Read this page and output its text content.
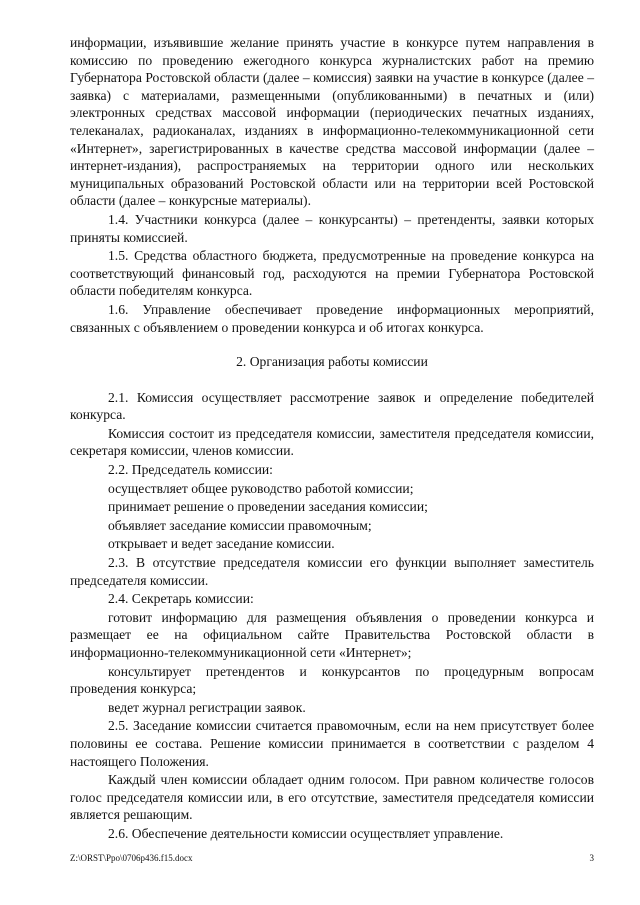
информации, изъявившие желание принять участие в конкурсе путем направления в комиссию по проведению ежегодного конкурса журналистских работ на премию Губернатора Ростовской области (далее – комиссия) заявки на участие в конкурсе (далее – заявка) с материалами, размещенными (опубликованными) в печатных и (или) электронных средствах массовой информации (периодических печатных изданиях, телеканалах, радиоканалах, изданиях в информационно-телекоммуникационной сети «Интернет», зарегистрированных в качестве средства массовой информации (далее – интернет-издания), распространяемых на территории одного или нескольких муниципальных образований Ростовской области или на территории всей Ростовской области (далее – конкурсные материалы).

1.4. Участники конкурса (далее – конкурсанты) – претенденты, заявки которых приняты комиссией.

1.5. Средства областного бюджета, предусмотренные на проведение конкурса на соответствующий финансовый год, расходуются на премии Губернатора Ростовской области победителям конкурса.

1.6. Управление обеспечивает проведение информационных мероприятий, связанных с объявлением о проведении конкурса и об итогах конкурса.

2. Организация работы комиссии

2.1. Комиссия осуществляет рассмотрение заявок и определение победителей конкурса.

Комиссия состоит из председателя комиссии, заместителя председателя комиссии, секретаря комиссии, членов комиссии.

2.2. Председатель комиссии:

осуществляет общее руководство работой комиссии;

принимает решение о проведении заседания комиссии;

объявляет заседание комиссии правомочным;

открывает и ведет заседание комиссии.

2.3. В отсутствие председателя комиссии его функции выполняет заместитель председателя комиссии.

2.4. Секретарь комиссии:

готовит информацию для размещения объявления о проведении конкурса и размещает ее на официальном сайте Правительства Ростовской области в информационно-телекоммуникационной сети «Интернет»;

консультирует претендентов и конкурсантов по процедурным вопросам проведения конкурса;

ведет журнал регистрации заявок.

2.5. Заседание комиссии считается правомочным, если на нем присутствует более половины ее состава. Решение комиссии принимается в соответствии с разделом 4 настоящего Положения.

Каждый член комиссии обладает одним голосом. При равном количестве голосов голос председателя комиссии или, в его отсутствие, заместителя председателя комиссии является решающим.

2.6. Обеспечение деятельности комиссии осуществляет управление.

Z:\ORST\Ppo\0706p436.f15.docx	3
